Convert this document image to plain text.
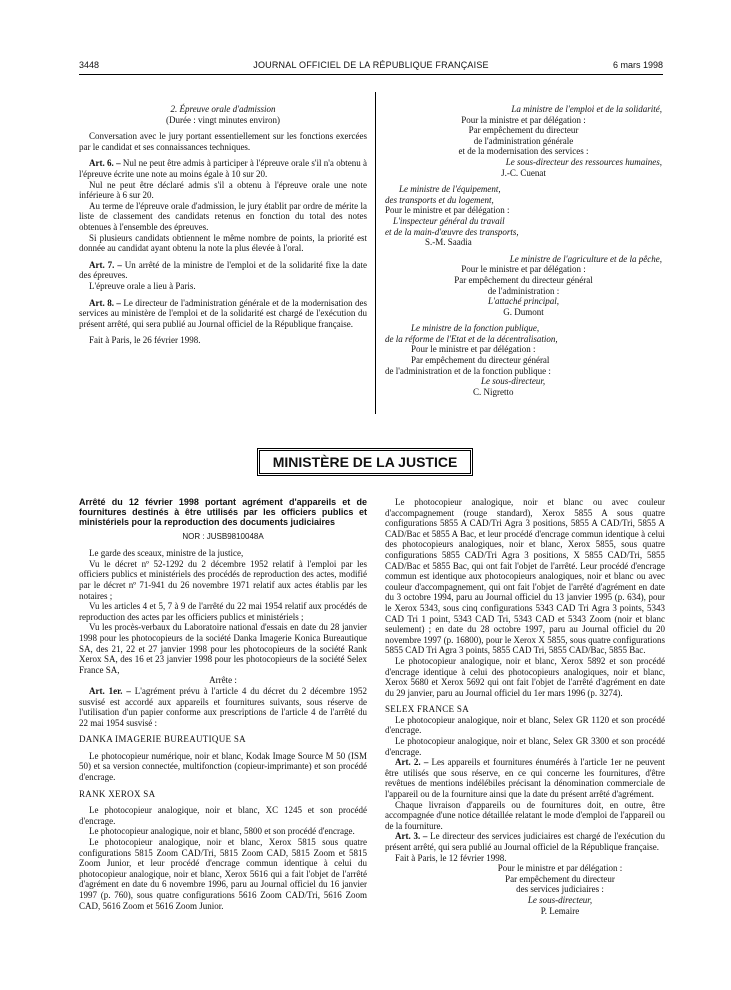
3448	JOURNAL OFFICIEL DE LA RÉPUBLIQUE FRANÇAISE	6 mars 1998

2. Épreuve orale d'admission

(Durée : vingt minutes environ)

Conversation avec le jury portant essentiellement sur les fonctions exercées par le candidat et ses connaissances techniques.

Art. 6. – Nul ne peut être admis à participer à l'épreuve orale s'il n'a obtenu à l'épreuve écrite une note au moins égale à 10 sur 20.

Nul ne peut être déclaré admis s'il a obtenu à l'épreuve orale une note inférieure à 6 sur 20.

Au terme de l'épreuve orale d'admission, le jury établit par ordre de mérite la liste de classement des candidats retenus en fonction du total des notes obtenues à l'ensemble des épreuves.

Si plusieurs candidats obtiennent le même nombre de points, la priorité est donnée au candidat ayant obtenu la note la plus élevée à l'oral.

Art. 7. – Un arrêté de la ministre de l'emploi et de la solidarité fixe la date des épreuves.

L'épreuve orale a lieu à Paris.

Art. 8. – Le directeur de l'administration générale et de la modernisation des services au ministère de l'emploi et de la solidarité est chargé de l'exécution du présent arrêté, qui sera publié au Journal officiel de la République française.

Fait à Paris, le 26 février 1998.

La ministre de l'emploi et de la solidarité,

Pour la ministre et par délégation :

Par empêchement du directeur

de l'administration générale

et de la modernisation des services :

Le sous-directeur des ressources humaines,

J.-C. Cuenat

Le ministre de l'équipement,

des transports et du logement,

Pour le ministre et par délégation :

L'inspecteur général du travail

et de la main-d'œuvre des transports,

S.-M. Saadia

Le ministre de l'agriculture et de la pêche,

Pour le ministre et par délégation :

Par empêchement du directeur général

de l'administration :

L'attaché principal,

G. Dumont

Le ministre de la fonction publique,

de la réforme de l'Etat et de la décentralisation,

Pour le ministre et par délégation :

Par empêchement du directeur général

de l'administration et de la fonction publique :

Le sous-directeur,

C. Nigretto

MINISTÈRE DE LA JUSTICE

Arrêté du 12 février 1998 portant agrément d'appareils et de fournitures destinés à être utilisés par les officiers publics et ministériels pour la reproduction des documents judiciaires

NOR : JUSB9810048A

Le garde des sceaux, ministre de la justice,

Vu le décret nº 52-1292 du 2 décembre 1952 relatif à l'emploi par les officiers publics et ministériels des procédés de reproduction des actes, modifié par le décret nº 71-941 du 26 novembre 1971 relatif aux actes établis par les notaires ;

Vu les articles 4 et 5, 7 à 9 de l'arrêté du 22 mai 1954 relatif aux procédés de reproduction des actes par les officiers publics et ministériels ;

Vu les procès-verbaux du Laboratoire national d'essais en date du 28 janvier 1998 pour les photocopieurs de la société Danka Imagerie Konica Bureautique SA, des 21, 22 et 27 janvier 1998 pour les photocopieurs de la société Rank Xerox SA, des 16 et 23 janvier 1998 pour les photocopieurs de la société Selex France SA,

Arrête :

Art. 1er. – L'agrément prévu à l'article 4 du décret du 2 décembre 1952 susvisé est accordé aux appareils et fournitures suivants, sous réserve de l'utilisation d'un papier conforme aux prescriptions de l'article 4 de l'arrêté du 22 mai 1954 susvisé :

DANKA IMAGERIE BUREAUTIQUE SA

Le photocopieur numérique, noir et blanc, Kodak Image Source M 50 (ISM 50) et sa version connectée, multifonction (copieur-imprimante) et son procédé d'encrage.

RANK XEROX SA

Le photocopieur analogique, noir et blanc, XC 1245 et son procédé d'encrage.

Le photocopieur analogique, noir et blanc, 5800 et son procédé d'encrage.

Le photocopieur analogique, noir et blanc, Xerox 5815 sous quatre configurations 5815 Zoom CAD/Tri, 5815 Zoom CAD, 5815 Zoom et 5815 Zoom Junior, et leur procédé d'encrage commun identique à celui du photocopieur analogique, noir et blanc, Xerox 5616 qui a fait l'objet de l'arrêté d'agrément en date du 6 novembre 1996, paru au Journal officiel du 16 janvier 1997 (p. 760), sous quatre configurations 5616 Zoom CAD/Tri, 5616 Zoom CAD, 5616 Zoom et 5616 Zoom Junior.

Le photocopieur analogique, noir et blanc ou avec couleur d'accompagnement (rouge standard), Xerox 5855 A sous quatre configurations 5855 A CAD/Tri Agra 3 positions, 5855 A CAD/Tri, 5855 A CAD/Bac et 5855 A Bac, et leur procédé d'encrage commun identique à celui des photocopieurs analogiques, noir et blanc, Xerox 5855, sous quatre configurations 5855 CAD/Tri Agra 3 positions, X 5855 CAD/Tri, 5855 CAD/Bac et 5855 Bac, qui ont fait l'objet de l'arrêté. Leur procédé d'encrage commun est identique aux photocopieurs analogiques, noir et blanc ou avec couleur d'accompagnement, qui ont fait l'objet de l'arrêté d'agrément en date du 3 octobre 1994, paru au Journal officiel du 13 janvier 1995 (p. 634), pour le Xerox 5343, sous cinq configurations 5343 CAD Tri Agra 3 points, 5343 CAD Tri 1 point, 5343 CAD Tri, 5343 CAD et 5343 Zoom (noir et blanc seulement) ; en date du 28 octobre 1997, paru au Journal officiel du 20 novembre 1997 (p. 16800), pour le Xerox X 5855, sous quatre configurations 5855 CAD Tri Agra 3 points, 5855 CAD Tri, 5855 CAD/Bac, 5855 Bac.

Le photocopieur analogique, noir et blanc, Xerox 5892 et son procédé d'encrage identique à celui des photocopieurs analogiques, noir et blanc, Xerox 5680 et Xerox 5692 qui ont fait l'objet de l'arrêté d'agrément en date du 29 janvier, paru au Journal officiel du 1er mars 1996 (p. 3274).

SELEX FRANCE SA

Le photocopieur analogique, noir et blanc, Selex GR 1120 et son procédé d'encrage.

Le photocopieur analogique, noir et blanc, Selex GR 3300 et son procédé d'encrage.

Art. 2. – Les appareils et fournitures énumérés à l'article 1er ne peuvent être utilisés que sous réserve, en ce qui concerne les fournitures, d'être revêtues de mentions indélébiles précisant la dénomination commerciale de l'appareil ou de la fourniture ainsi que la date du présent arrêté d'agrément.

Chaque livraison d'appareils ou de fournitures doit, en outre, être accompagnée d'une notice détaillée relatant le mode d'emploi de l'appareil ou de la fourniture.

Art. 3. – Le directeur des services judiciaires est chargé de l'exécution du présent arrêté, qui sera publié au Journal officiel de la République française.

Fait à Paris, le 12 février 1998.

Pour le ministre et par délégation :

Par empêchement du directeur

des services judiciaires :

Le sous-directeur,

P. Lemaire
